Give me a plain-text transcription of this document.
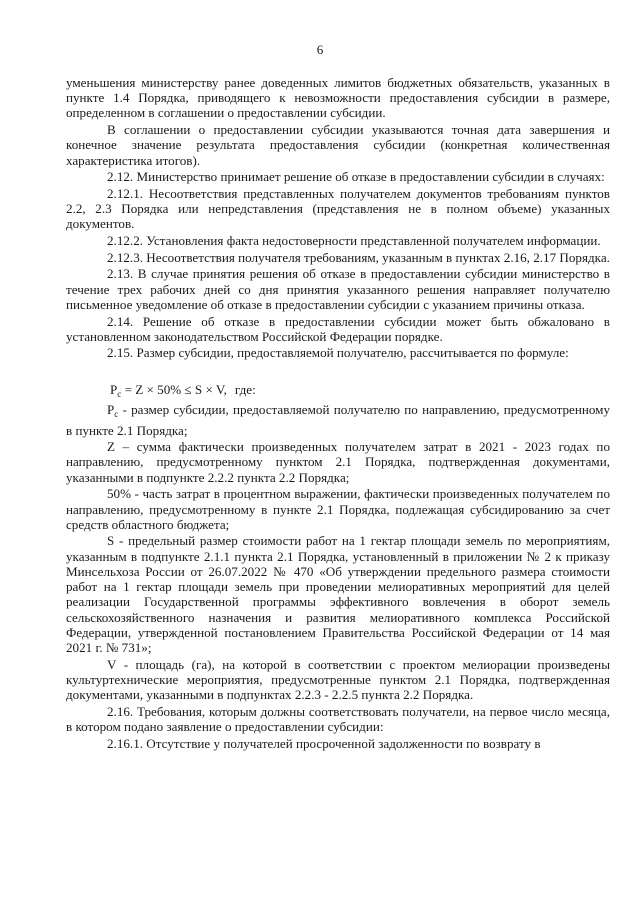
6

уменьшения министерству ранее доведенных лимитов бюджетных обязательств, указанных в пункте 1.4 Порядка, приводящего к невозможности предоставления субсидии в размере, определенном в соглашении о предоставлении субсидии.

В соглашении о предоставлении субсидии указываются точная дата завершения и конечное значение результата предоставления субсидии (конкретная количественная характеристика итогов).

2.12. Министерство принимает решение об отказе в предоставлении субсидии в случаях:

2.12.1. Несоответствия представленных получателем документов требованиям пунктов 2.2, 2.3 Порядка или непредставления (представления не в полном объеме) указанных документов.

2.12.2. Установления факта недостоверности представленной получателем информации.

2.12.3. Несоответствия получателя требованиям, указанным в пунктах 2.16, 2.17 Порядка.

2.13. В случае принятия решения об отказе в предоставлении субсидии министерство в течение трех рабочих дней со дня принятия указанного решения направляет получателю письменное уведомление об отказе в предоставлении субсидии с указанием причины отказа.

2.14. Решение об отказе в предоставлении субсидии может быть обжаловано в установленном законодательством Российской Федерации порядке.

2.15. Размер субсидии, предоставляемой получателю, рассчитывается по формуле:

$P_c = Z \times 50\% \le S \times V$, где:

$P_c$ - размер субсидии, предоставляемой получателю по направлению, предусмотренному в пункте 2.1 Порядка;

Z – сумма фактически произведенных получателем затрат в 2021 - 2023 годах по направлению, предусмотренному пунктом 2.1 Порядка, подтвержденная документами, указанными в подпункте 2.2.2 пункта 2.2 Порядка;

50% - часть затрат в процентном выражении, фактически произведенных получателем по направлению, предусмотренному в пункте 2.1 Порядка, подлежащая субсидированию за счет средств областного бюджета;

S - предельный размер стоимости работ на 1 гектар площади земель по мероприятиям, указанным в подпункте 2.1.1 пункта 2.1 Порядка, установленный в приложении № 2 к приказу Минсельхоза России от 26.07.2022 № 470 «Об утверждении предельного размера стоимости работ на 1 гектар площади земель при проведении мелиоративных мероприятий для целей реализации Государственной программы эффективного вовлечения в оборот земель сельскохозяйственного назначения и развития мелиоративного комплекса Российской Федерации, утвержденной постановлением Правительства Российской Федерации от 14 мая 2021 г. № 731»;

V - площадь (га), на которой в соответствии с проектом мелиорации произведены культуртехнические мероприятия, предусмотренные пунктом 2.1 Порядка, подтвержденная документами, указанными в подпунктах 2.2.3 - 2.2.5 пункта 2.2 Порядка.

2.16. Требования, которым должны соответствовать получатели, на первое число месяца, в котором подано заявление о предоставлении субсидии:

2.16.1. Отсутствие у получателей просроченной задолженности по возврату в
